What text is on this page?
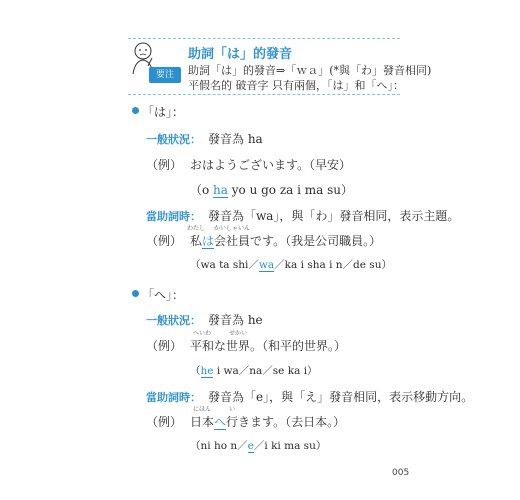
要注意！
助詞「は」的發音
助詞「は」的發音⇒「ｗａ」(*與「わ」發音相同)
平假名的 破音字 只有兩個，「は」和「へ」：
「は」：
一般狀況： 發音為 ha
（例） おはようございます。（早安）
（o ha yo u go za i ma su）
當助詞時： 發音為「wa」，與「わ」發音相同，表示主題。
（例）
わたし
私は
かいしゃいん
会社員です。（我是公司職員。）
（wa ta shi／wa／ka i sha i n／de su）
「へ」：
一般狀況： 發音為 he
（例）
へいわ
平和な
せかい
世界。（和平的世界。）
（he i wa／na／se ka i）
當助詞時： 發音為「e」，與「え」發音相同，表示移動方向。
（例）
にほん
日本へ
い
行きます。（去日本。）
（ni ho n／e／i ki ma su）
005
